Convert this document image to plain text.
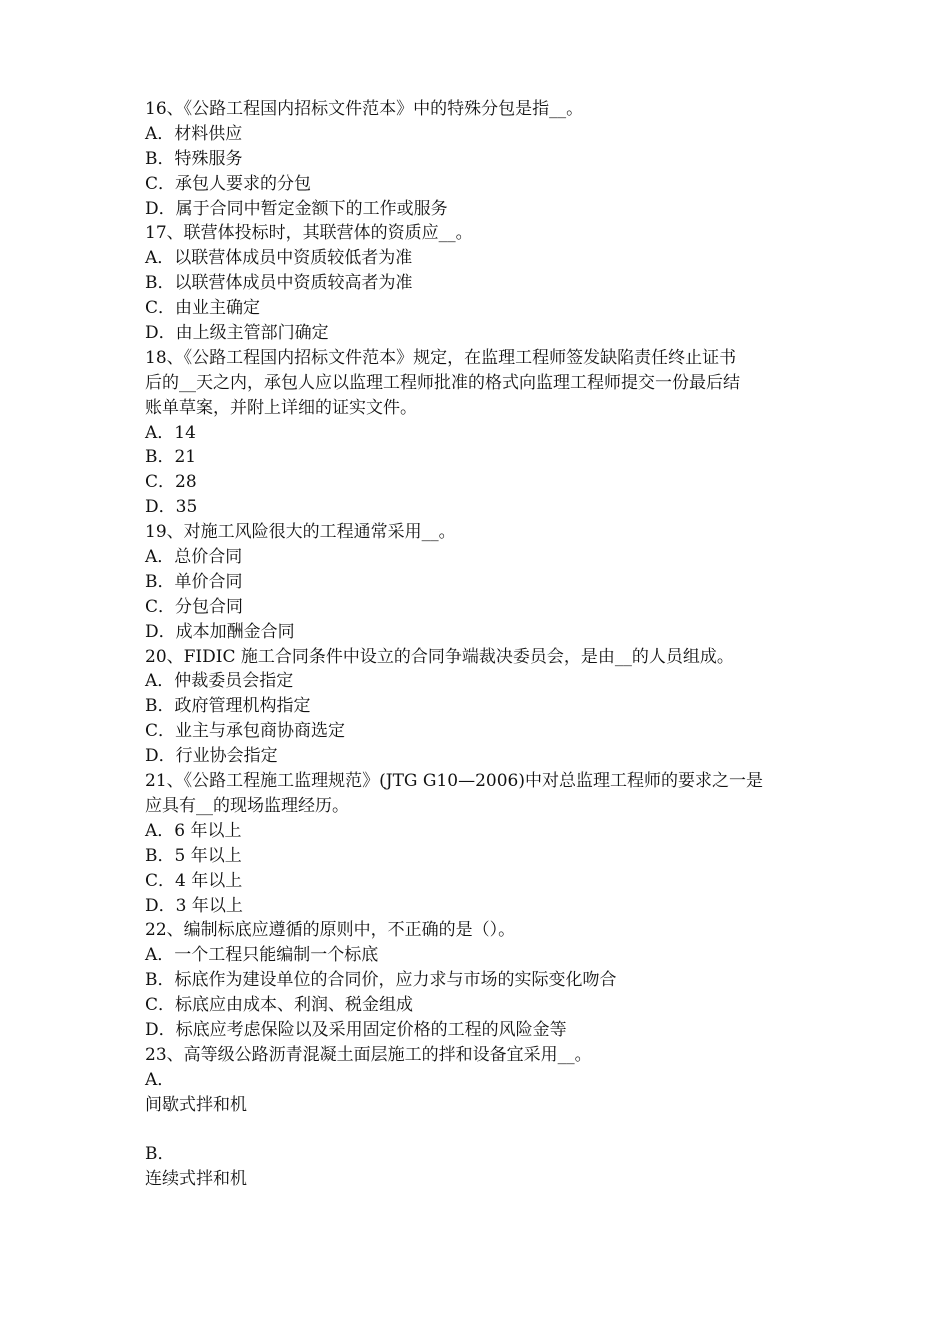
16、《公路工程国内招标文件范本》中的特殊分包是指__。
A．材料供应
B．特殊服务
C．承包人要求的分包
D．属于合同中暂定金额下的工作或服务
17、联营体投标时，其联营体的资质应__。
A．以联营体成员中资质较低者为准
B．以联营体成员中资质较高者为准
C．由业主确定
D．由上级主管部门确定
18、《公路工程国内招标文件范本》规定，在监理工程师签发缺陷责任终止证书
后的__天之内，承包人应以监理工程师批准的格式向监理工程师提交一份最后结
账单草案，并附上详细的证实文件。
A．14
B．21
C．28
D．35
19、对施工风险很大的工程通常采用__。
A．总价合同
B．单价合同
C．分包合同
D．成本加酬金合同
20、FIDIC 施工合同条件中设立的合同争端裁决委员会，是由__的人员组成。
A．仲裁委员会指定
B．政府管理机构指定
C．业主与承包商协商选定
D．行业协会指定
21、《公路工程施工监理规范》(JTG G10—2006)中对总监理工程师的要求之一是
应具有__的现场监理经历。
A．6 年以上
B．5 年以上
C．4 年以上
D．3 年以上
22、编制标底应遵循的原则中，不正确的是（）。
A．一个工程只能编制一个标底
B．标底作为建设单位的合同价，应力求与市场的实际变化吻合
C．标底应由成本、利润、税金组成
D．标底应考虑保险以及采用固定价格的工程的风险金等
23、高等级公路沥青混凝土面层施工的拌和设备宜采用__。
A．
间歇式拌和机
B．
连续式拌和机
